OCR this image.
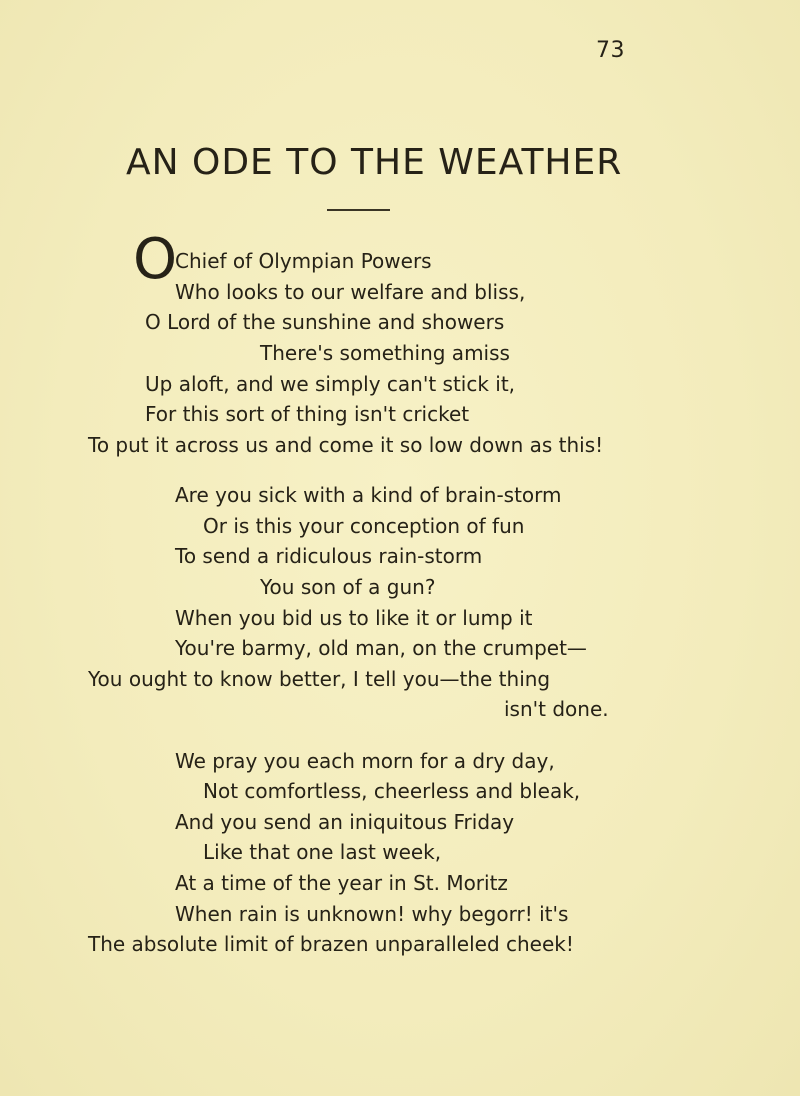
73
AN ODE TO THE WEATHER
O
Chief of Olympian Powers
Who looks to our welfare and bliss,
O Lord of the sunshine and showers
There's something amiss
Up aloft, and we simply can't stick it,
For this sort of thing isn't cricket
To put it across us and come it so low down as this!
Are you sick with a kind of brain-storm
Or is this your conception of fun
To send a ridiculous rain-storm
You son of a gun?
When you bid us to like it or lump it
You're barmy, old man, on the crumpet—
You ought to know better, I tell you—the thing
isn't done.
We pray you each morn for a dry day,
Not comfortless, cheerless and bleak,
And you send an iniquitous Friday
Like that one last week,
At a time of the year in St. Moritz
When rain is unknown! why begorr! it's
The absolute limit of brazen unparalleled cheek!
